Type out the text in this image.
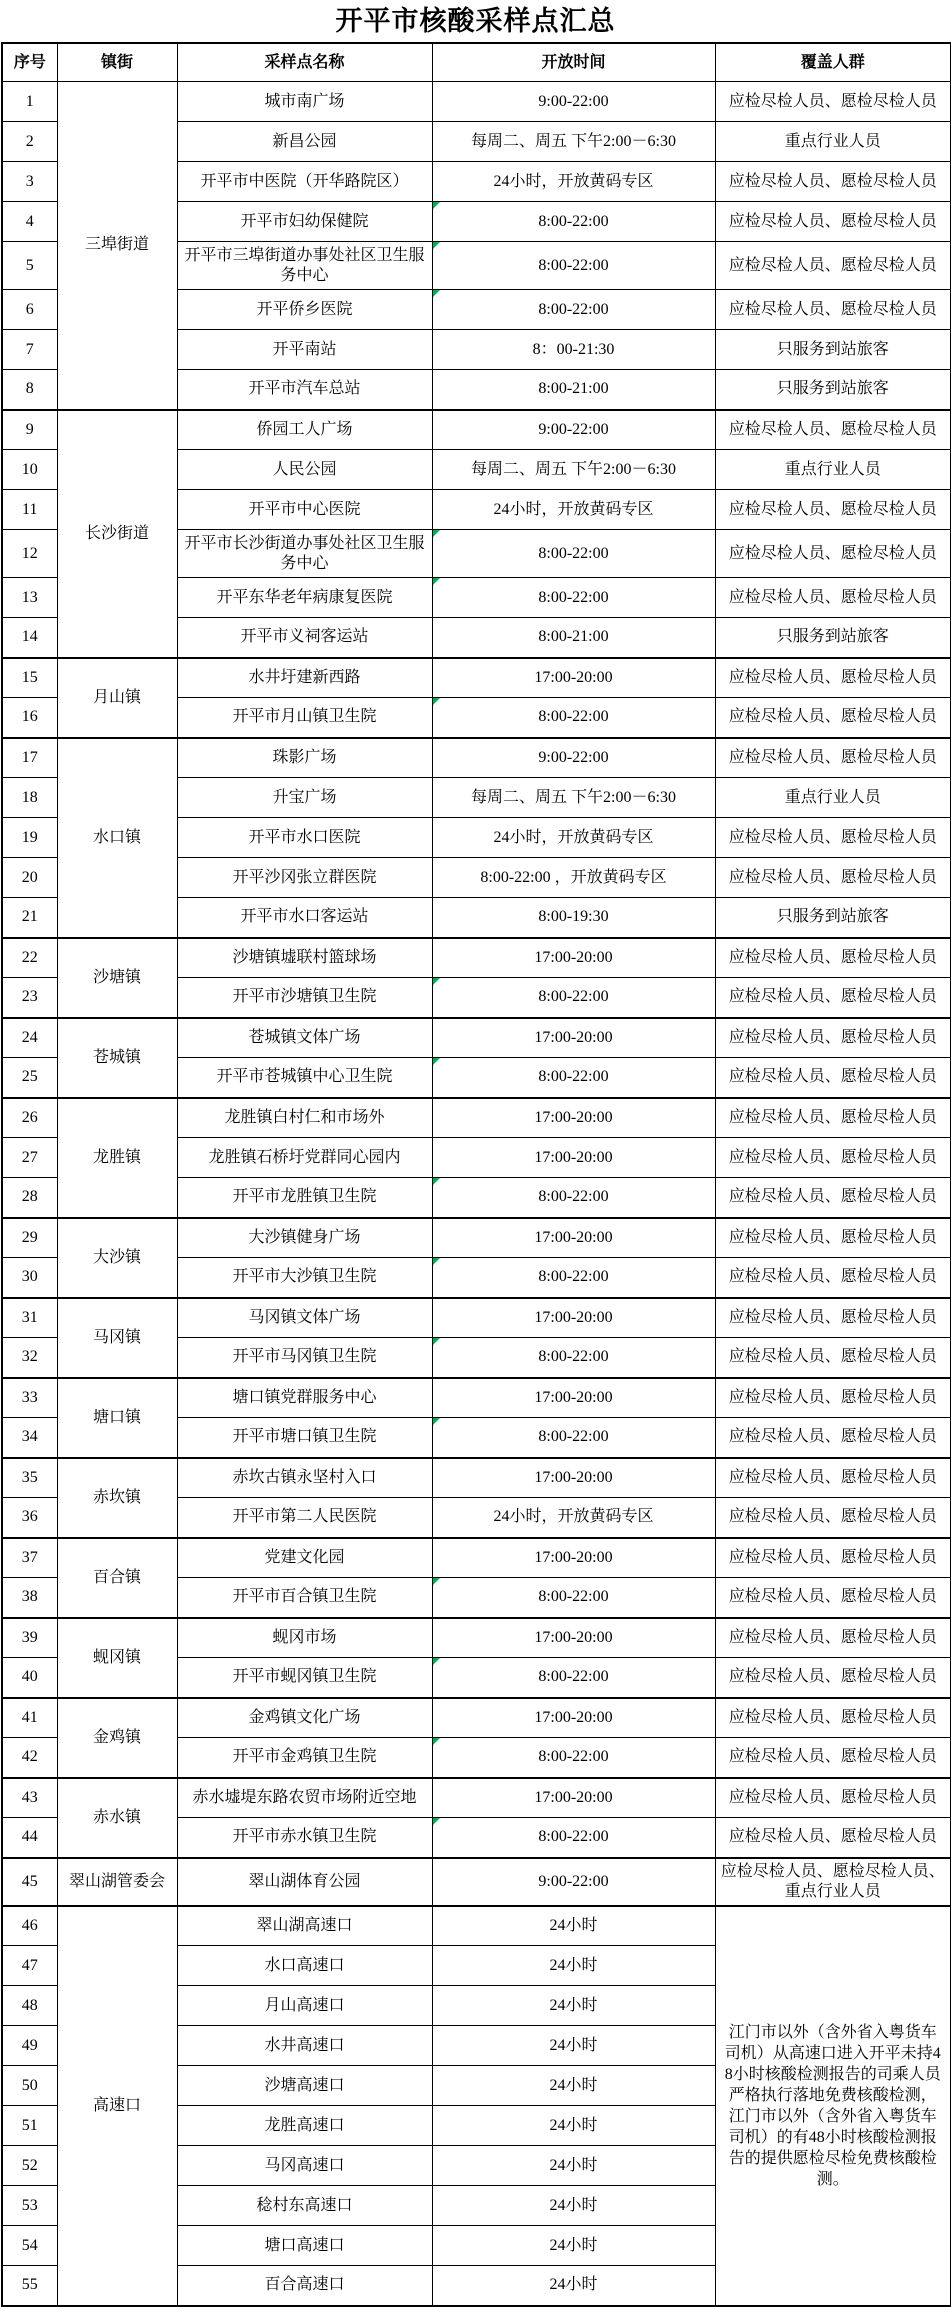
开平市核酸采样点汇总
序号	镇街	采样点名称	开放时间	覆盖人群
1	三埠街道	城市南广场	9:00-22:00	应检尽检人员、愿检尽检人员
2		新昌公园	每周二、周五 下午2:00－6:30	重点行业人员
3		开平市中医院（开华路院区）	24小时，开放黄码专区	应检尽检人员、愿检尽检人员
4		开平市妇幼保健院	8:00-22:00	应检尽检人员、愿检尽检人员
5		开平市三埠街道办事处社区卫生服务中心	8:00-22:00	应检尽检人员、愿检尽检人员
6		开平侨乡医院	8:00-22:00	应检尽检人员、愿检尽检人员
7		开平南站	8：00-21:30	只服务到站旅客
8		开平市汽车总站	8:00-21:00	只服务到站旅客
9	长沙街道	侨园工人广场	9:00-22:00	应检尽检人员、愿检尽检人员
10		人民公园	每周二、周五 下午2:00－6:30	重点行业人员
11		开平市中心医院	24小时，开放黄码专区	应检尽检人员、愿检尽检人员
12		开平市长沙街道办事处社区卫生服务中心	8:00-22:00	应检尽检人员、愿检尽检人员
13		开平东华老年病康复医院	8:00-22:00	应检尽检人员、愿检尽检人员
14		开平市义祠客运站	8:00-21:00	只服务到站旅客
15	月山镇	水井圩建新西路	17:00-20:00	应检尽检人员、愿检尽检人员
16		开平市月山镇卫生院	8:00-22:00	应检尽检人员、愿检尽检人员
17	水口镇	珠影广场	9:00-22:00	应检尽检人员、愿检尽检人员
18		升宝广场	每周二、周五 下午2:00－6:30	重点行业人员
19		开平市水口医院	24小时，开放黄码专区	应检尽检人员、愿检尽检人员
20		开平沙冈张立群医院	8:00-22:00 ，开放黄码专区	应检尽检人员、愿检尽检人员
21		开平市水口客运站	8:00-19:30	只服务到站旅客
22	沙塘镇	沙塘镇墟联村篮球场	17:00-20:00	应检尽检人员、愿检尽检人员
23		开平市沙塘镇卫生院	8:00-22:00	应检尽检人员、愿检尽检人员
24	苍城镇	苍城镇文体广场	17:00-20:00	应检尽检人员、愿检尽检人员
25		开平市苍城镇中心卫生院	8:00-22:00	应检尽检人员、愿检尽检人员
26	龙胜镇	龙胜镇白村仁和市场外	17:00-20:00	应检尽检人员、愿检尽检人员
27		龙胜镇石桥圩党群同心园内	17:00-20:00	应检尽检人员、愿检尽检人员
28		开平市龙胜镇卫生院	8:00-22:00	应检尽检人员、愿检尽检人员
29	大沙镇	大沙镇健身广场	17:00-20:00	应检尽检人员、愿检尽检人员
30		开平市大沙镇卫生院	8:00-22:00	应检尽检人员、愿检尽检人员
31	马冈镇	马冈镇文体广场	17:00-20:00	应检尽检人员、愿检尽检人员
32		开平市马冈镇卫生院	8:00-22:00	应检尽检人员、愿检尽检人员
33	塘口镇	塘口镇党群服务中心	17:00-20:00	应检尽检人员、愿检尽检人员
34		开平市塘口镇卫生院	8:00-22:00	应检尽检人员、愿检尽检人员
35	赤坎镇	赤坎古镇永坚村入口	17:00-20:00	应检尽检人员、愿检尽检人员
36		开平市第二人民医院	24小时，开放黄码专区	应检尽检人员、愿检尽检人员
37	百合镇	党建文化园	17:00-20:00	应检尽检人员、愿检尽检人员
38		开平市百合镇卫生院	8:00-22:00	应检尽检人员、愿检尽检人员
39	蚬冈镇	蚬冈市场	17:00-20:00	应检尽检人员、愿检尽检人员
40		开平市蚬冈镇卫生院	8:00-22:00	应检尽检人员、愿检尽检人员
41	金鸡镇	金鸡镇文化广场	17:00-20:00	应检尽检人员、愿检尽检人员
42		开平市金鸡镇卫生院	8:00-22:00	应检尽检人员、愿检尽检人员
43	赤水镇	赤水墟堤东路农贸市场附近空地	17:00-20:00	应检尽检人员、愿检尽检人员
44		开平市赤水镇卫生院	8:00-22:00	应检尽检人员、愿检尽检人员
45	翠山湖管委会	翠山湖体育公园	9:00-22:00	应检尽检人员、愿检尽检人员、重点行业人员
46	高速口	翠山湖高速口	24小时	江门市以外（含外省入粤货车司机）从高速口进入开平未持48小时核酸检测报告的司乘人员严格执行落地免费核酸检测，江门市以外（含外省入粤货车司机）的有48小时核酸检测报告的提供愿检尽检免费核酸检测。
47		水口高速口	24小时	
48		月山高速口	24小时	
49		水井高速口	24小时	
50		沙塘高速口	24小时	
51		龙胜高速口	24小时	
52		马冈高速口	24小时	
53		稔村东高速口	24小时	
54		塘口高速口	24小时	
55		百合高速口	24小时	
